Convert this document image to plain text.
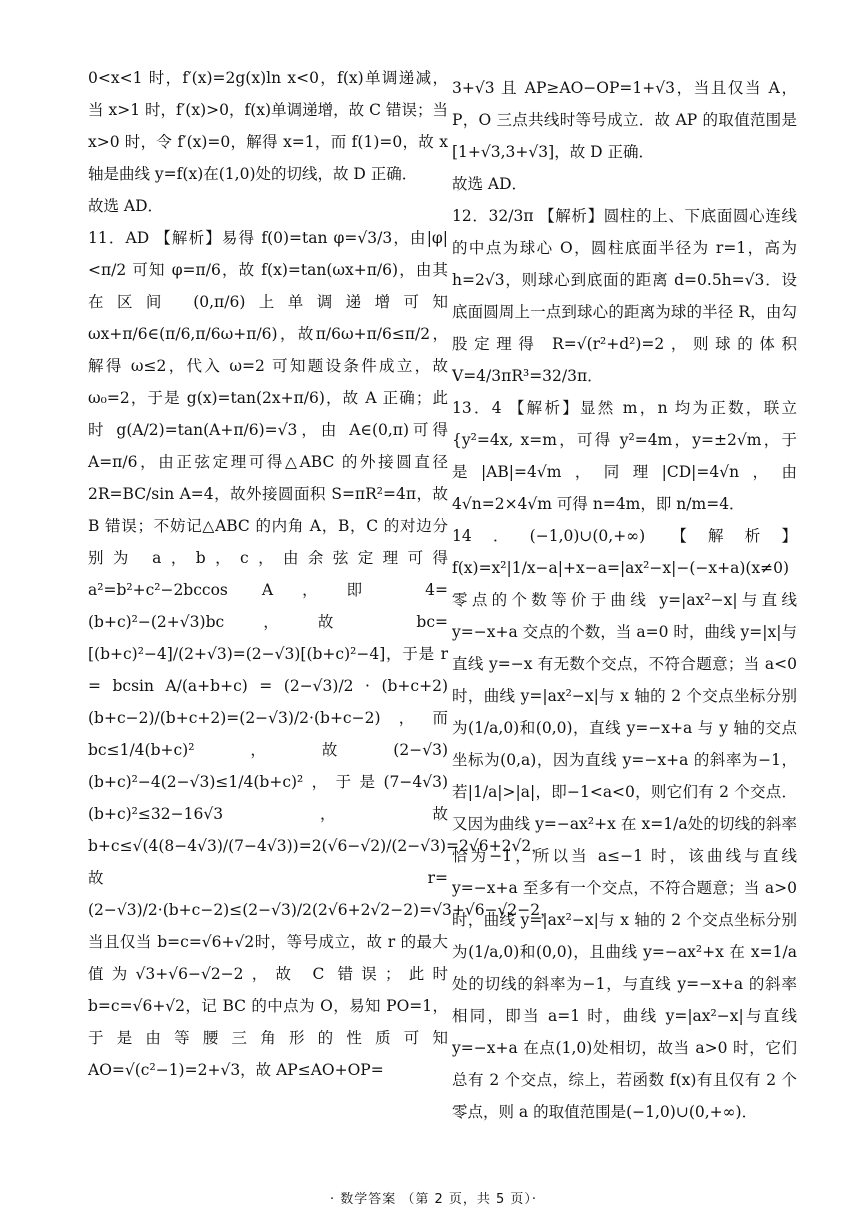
0<x<1 时，f′(x)=2g(x)ln x<0，f(x)单调递减，当 x>1 时，f′(x)>0，f(x)单调递增，故 C 错误；当 x>0 时，令 f′(x)=0，解得 x=1，而 f(1)=0，故 x 轴是曲线 y=f(x)在(1,0)处的切线，故 D 正确．

故选 AD．

11．AD 【解析】易得 f(0)=tan φ=√3/3，由|φ|<π/2 可知 φ=π/6，故 f(x)=tan(ωx+π/6)，由其在区间 (0,π/6)上单调递增可知 ωx+π/6∈(π/6,π/6ω+π/6)，故π/6ω+π/6≤π/2，解得 ω≤2，代入 ω=2 可知题设条件成立，故 ω₀=2，于是 g(x)=tan(2x+π/6)，故 A 正确；此时 g(A/2)=tan(A+π/6)=√3，由 A∈(0,π)可得 A=π/6，由正弦定理可得△ABC 的外接圆直径 2R=BC/sin A=4，故外接圆面积 S=πR²=4π，故 B 错误；不妨记△ABC 的内角 A，B，C 的对边分别为 a，b，c，由余弦定理可得 a²=b²+c²−2bccos A，即 4=(b+c)²−(2+√3)bc，故 bc=[(b+c)²−4]/(2+√3)=(2−√3)[(b+c)²−4]，于是 r = bcsin A/(a+b+c) = (2−√3)/2 · (b+c+2)(b+c−2)/(b+c+2)=(2−√3)/2·(b+c−2)，而 bc≤1/4(b+c)²，故(2−√3)(b+c)²−4(2−√3)≤1/4(b+c)²，于是(7−4√3)(b+c)²≤32−16√3，故 b+c≤√(4(8−4√3)/(7−4√3))=2(√6−√2)/(2−√3)=2√6+2√2，故 r=(2−√3)/2·(b+c−2)≤(2−√3)/2(2√6+2√2−2)=√3+√6−√2−2，当且仅当 b=c=√6+√2时，等号成立，故 r 的最大值为√3+√6−√2−2，故 C 错误；此时 b=c=√6+√2，记 BC 的中点为 O，易知 PO=1，于是由等腰三角形的性质可知 AO=√(c²−1)=2+√3，故 AP≤AO+OP=

3+√3 且 AP≥AO−OP=1+√3，当且仅当 A，P，O 三点共线时等号成立．故 AP 的取值范围是[1+√3,3+√3]，故 D 正确．

故选 AD．

12．32/3π 【解析】圆柱的上、下底面圆心连线的中点为球心 O，圆柱底面半径为 r=1，高为 h=2√3，则球心到底面的距离 d=0.5h=√3．设底面圆周上一点到球心的距离为球的半径 R，由勾股定理得 R=√(r²+d²)=2，则球的体积 V=4/3πR³=32/3π．

13．4 【解析】显然 m，n 均为正数，联立{y²=4x, x=m，可得 y²=4m，y=±2√m，于是|AB|=4√m，同理|CD|=4√n，由 4√n=2×4√m 可得 n=4m，即 n/m=4．

14．(−1,0)∪(0,+∞) 【解析】f(x)=x²|1/x−a|+x−a=|ax²−x|−(−x+a)(x≠0)零点的个数等价于曲线 y=|ax²−x|与直线 y=−x+a 交点的个数，当 a=0 时，曲线 y=|x|与直线 y=−x 有无数个交点，不符合题意；当 a<0 时，曲线 y=|ax²−x|与 x 轴的 2 个交点坐标分别为(1/a,0)和(0,0)，直线 y=−x+a 与 y 轴的交点坐标为(0,a)，因为直线 y=−x+a 的斜率为−1，若|1/a|>|a|，即−1<a<0，则它们有 2 个交点．又因为曲线 y=−ax²+x 在 x=1/a处的切线的斜率恰为−1，所以当 a≤−1 时，该曲线与直线 y=−x+a 至多有一个交点，不符合题意；当 a>0 时，曲线 y=|ax²−x|与 x 轴的 2 个交点坐标分别为(1/a,0)和(0,0)，且曲线 y=−ax²+x 在 x=1/a处的切线的斜率为−1，与直线 y=−x+a 的斜率相同，即当 a=1 时，曲线 y=|ax²−x|与直线 y=−x+a 在点(1,0)处相切，故当 a>0 时，它们总有 2 个交点，综上，若函数 f(x)有且仅有 2 个零点，则 a 的取值范围是(−1,0)∪(0,+∞)．

· 数学答案 （第 2 页，共 5 页）·
